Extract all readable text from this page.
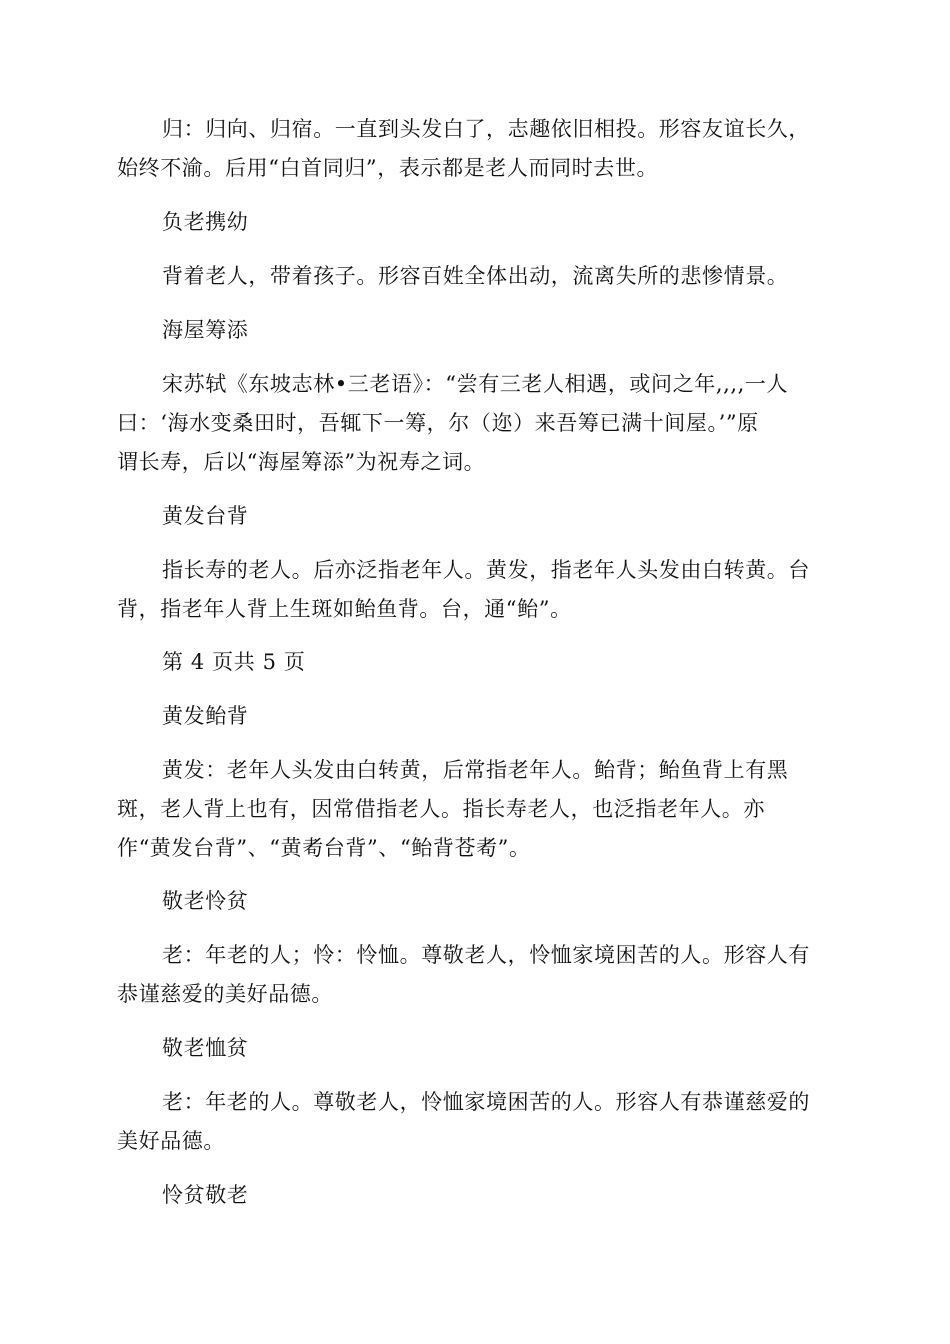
归：归向、归宿。一直到头发白了，志趣依旧相投。形容友谊长久，
始终不渝。后用“白首同归”，表示都是老人而同时去世。
负老携幼
背着老人，带着孩子。形容百姓全体出动，流离失所的悲惨情景。
海屋筹添
宋苏轼《东坡志林•三老语》：“尝有三老人相遇，或问之年,,,,一人
曰：‘海水变桑田时，吾辄下一筹，尔（迩）来吾筹已满十间屋。’”原
谓长寿，后以“海屋筹添”为祝寿之词。
黄发台背
指长寿的老人。后亦泛指老年人。黄发，指老年人头发由白转黄。台
背，指老年人背上生斑如鲐鱼背。台，通“鲐”。
第 4 页共 5 页
黄发鲐背
黄发：老年人头发由白转黄，后常指老年人。鲐背；鲐鱼背上有黑
斑，老人背上也有，因常借指老人。指长寿老人，也泛指老年人。亦
作“黄发台背”、“黄耇台背”、“鲐背苍耇”。
敬老怜贫
老：年老的人；怜：怜恤。尊敬老人，怜恤家境困苦的人。形容人有
恭谨慈爱的美好品德。
敬老恤贫
老：年老的人。尊敬老人，怜恤家境困苦的人。形容人有恭谨慈爱的
美好品德。
怜贫敬老
